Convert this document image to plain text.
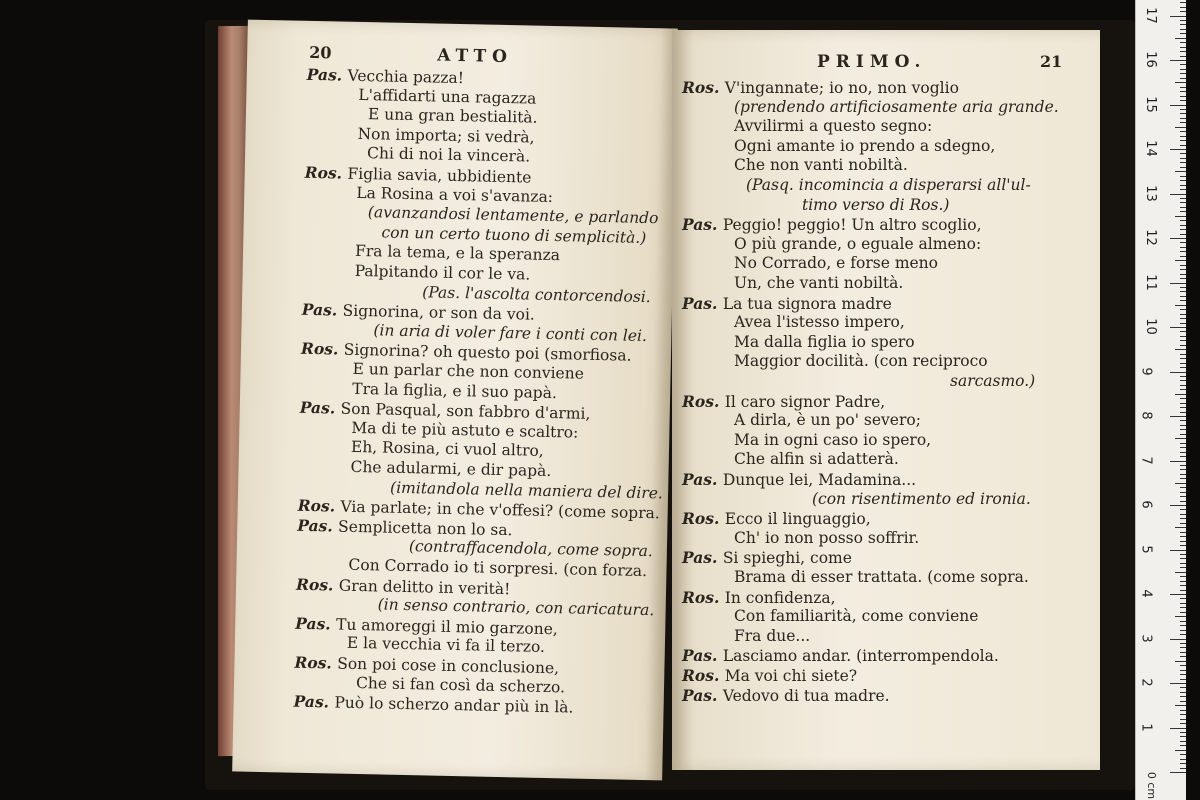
20	ATTO
Pas. Vecchia pazza!
L'affidarti una ragazza
E una gran bestialità.
Non importa; si vedrà,
Chi di noi la vincerà.
Ros. Figlia savia, ubbidiente
La Rosina a voi s'avanza:
(avanzandosi lentamente, e parlando
con un certo tuono di semplicità.)
Fra la tema, e la speranza
Palpitando il cor le va.
(Pas. l'ascolta contorcendosi.
Pas. Signorina, or son da voi.
(in aria di voler fare i conti con lei.
Ros. Signorina? oh questo poi (smorfiosa.
E un parlar che non conviene
Tra la figlia, e il suo papà.
Pas. Son Pasqual, son fabbro d'armi,
Ma di te più astuto e scaltro:
Eh, Rosina, ci vuol altro,
Che adularmi, e dir papà.
(imitandola nella maniera del dire.
Ros. Via parlate; in che v'offesi? (come sopra.
Pas. Semplicetta non lo sa.
(contraffacendola, come sopra.
Con Corrado io ti sorpresi. (con forza.
Ros. Gran delitto in verità!
(in senso contrario, con caricatura.
Pas. Tu amoreggi il mio garzone,
E la vecchia vi fa il terzo.
Ros. Son poi cose in conclusione,
Che si fan così da scherzo.
Pas. Può lo scherzo andar più in là.
PRIMO.	21
Ros. V'ingannate; io no, non voglio
(prendendo artificiosamente aria grande.
Avvilirmi a questo segno:
Ogni amante io prendo a sdegno,
Che non vanti nobiltà.
(Pasq. incomincia a disperarsi all'ul-
timo verso di Ros.)
Pas. Peggio! peggio! Un altro scoglio,
O più grande, o eguale almeno:
No Corrado, e forse meno
Un, che vanti nobiltà.
Pas. La tua signora madre
Avea l'istesso impero,
Ma dalla figlia io spero
Maggior docilità. (con reciproco
sarcasmo.)
Ros. Il caro signor Padre,
A dirla, è un po' severo;
Ma in ogni caso io spero,
Che alfin si adatterà.
Pas. Dunque lei, Madamina...
(con risentimento ed ironia.
Ros. Ecco il linguaggio,
Ch' io non posso soffrir.
Pas. Si spieghi, come
Brama di esser trattata. (come sopra.
Ros. In confidenza,
Con familiarità, come conviene
Fra due...
Pas. Lasciamo andar. (interrompendola.
Ros. Ma voi chi siete?
Pas. Vedovo di tua madre.
0 cm
1
2
3
4
5
6
7
8
9
10
11
12
13
14
15
16
17
